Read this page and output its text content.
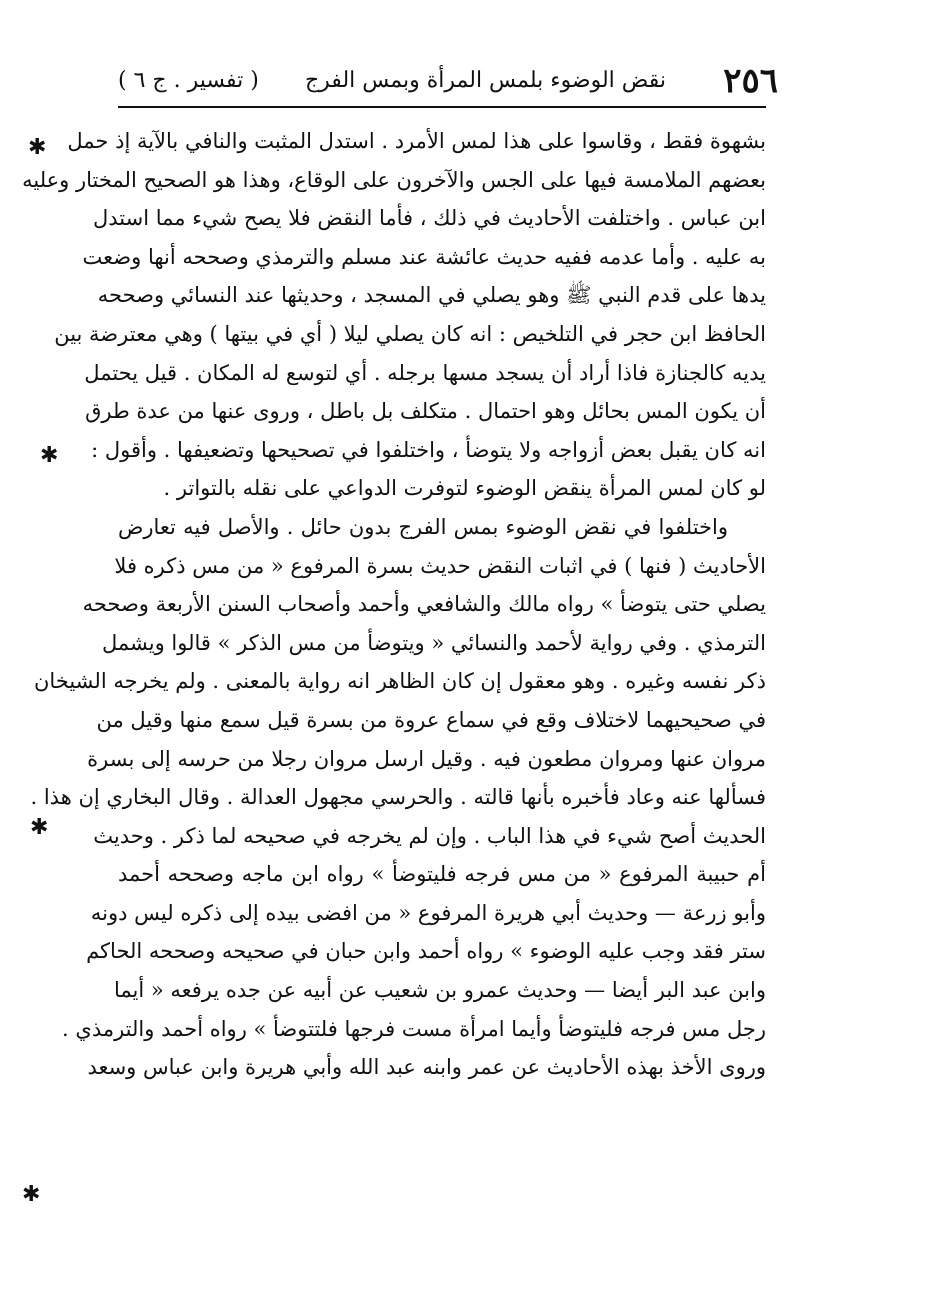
٢٥٦
نقض الوضوء بلمس المرأة وبمس الفرج
( تفسير . ج ٦ )
بشهوة فقط ، وقاسوا على هذا لمس الأمرد . استدل المثبت والنافي بالآية إذ حمل
بعضهم الملامسة فيها على الجس والآخرون على الوقاع، وهذا هو الصحيح المختار وعليه
ابن عباس . واختلفت الأحاديث في ذلك ، فأما النقض فلا يصح شيء مما استدل
به عليه . وأما عدمه ففيه حديث عائشة عند مسلم والترمذي وصححه أنها وضعت
يدها على قدم النبي ﷺ وهو يصلي في المسجد ، وحديثها عند النسائي وصححه
الحافظ ابن حجر في التلخيص : انه كان يصلي ليلا ( أي في بيتها ) وهي معترضة بين
يديه كالجنازة فاذا أراد أن يسجد مسها برجله . أي لتوسع له المكان . قيل يحتمل
أن يكون المس بحائل وهو احتمال . متكلف بل باطل ، وروى عنها من عدة طرق
انه كان يقبل بعض أزواجه ولا يتوضأ ، واختلفوا في تصحيحها وتضعيفها . وأقول :
لو كان لمس المرأة ينقض الوضوء لتوفرت الدواعي على نقله بالتواتر .
واختلفوا في نقض الوضوء بمس الفرج بدون حائل . والأصل فيه تعارض
الأحاديث ( فنها ) في اثبات النقض حديث بسرة المرفوع « من مس ذكره فلا
يصلي حتى يتوضأ » رواه مالك والشافعي وأحمد وأصحاب السنن الأربعة وصححه
الترمذي . وفي رواية لأحمد والنسائي « ويتوضأ من مس الذكر » قالوا ويشمل
ذكر نفسه وغيره . وهو معقول إن كان الظاهر انه رواية بالمعنى . ولم يخرجه الشيخان
في صحيحيهما لاختلاف وقع في سماع عروة من بسرة قيل سمع منها وقيل من
مروان عنها ومروان مطعون فيه . وقيل ارسل مروان رجلا من حرسه إلى بسرة
فسألها عنه وعاد فأخبره بأنها قالته . والحرسي مجهول العدالة . وقال البخاري إن هذا .
الحديث أصح شيء في هذا الباب . وإن لم يخرجه في صحيحه لما ذكر . وحديث
أم حبيبة المرفوع « من مس فرجه فليتوضأ » رواه ابن ماجه وصححه أحمد
وأبو زرعة — وحديث أبي هريرة المرفوع « من افضى بيده إلى ذكره ليس دونه
ستر فقد وجب عليه الوضوء » رواه أحمد وابن حبان في صحيحه وصححه الحاكم
وابن عبد البر أيضا — وحديث عمرو بن شعيب عن أبيه عن جده يرفعه « أيما
رجل مس فرجه فليتوضأ وأيما امرأة مست فرجها فلتتوضأ » رواه أحمد والترمذي .
وروى الأخذ بهذه الأحاديث عن عمر وابنه عبد الله وأبي هريرة وابن عباس وسعد
✱
✱
✱
✱
